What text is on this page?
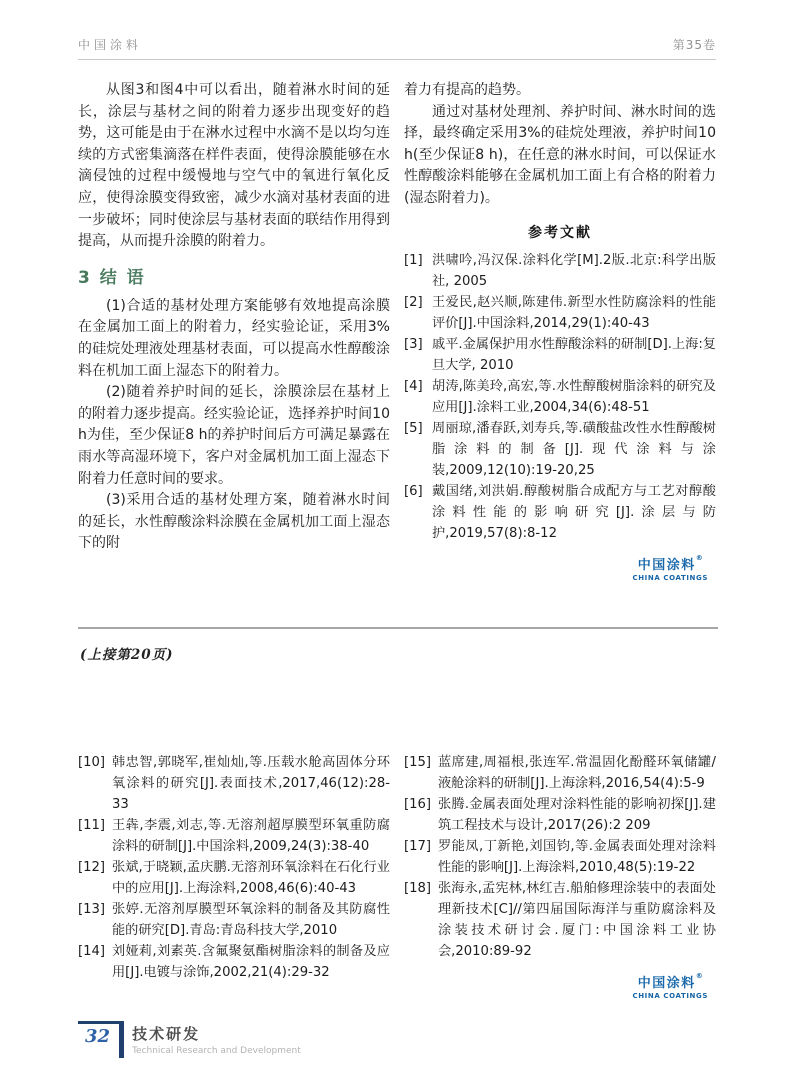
中国涂料	第35卷

从图3和图4中可以看出，随着淋水时间的延长，涂层与基材之间的附着力逐步出现变好的趋势，这可能是由于在淋水过程中水滴不是以均匀连续的方式密集滴落在样件表面，使得涂膜能够在水滴侵蚀的过程中缓慢地与空气中的氧进行氧化反应，使得涂膜变得致密，减少水滴对基材表面的进一步破坏；同时使涂层与基材表面的联结作用得到提高，从而提升涂膜的附着力。

3 结 语

(1)合适的基材处理方案能够有效地提高涂膜在金属加工面上的附着力，经实验论证，采用3%的硅烷处理液处理基材表面，可以提高水性醇酸涂料在机加工面上湿态下的附着力。

(2)随着养护时间的延长，涂膜涂层在基材上的附着力逐步提高。经实验论证，选择养护时间10 h为佳，至少保证8 h的养护时间后方可满足暴露在雨水等高湿环境下，客户对金属机加工面上湿态下附着力任意时间的要求。

(3)采用合适的基材处理方案，随着淋水时间的延长，水性醇酸涂料涂膜在金属机加工面上湿态下的附

着力有提高的趋势。

通过对基材处理剂、养护时间、淋水时间的选择，最终确定采用3%的硅烷处理液，养护时间10 h(至少保证8 h)，在任意的淋水时间，可以保证水性醇酸涂料能够在金属机加工面上有合格的附着力(湿态附着力)。

参考文献
[1] 洪啸吟,冯汉保.涂料化学[M].2版.北京:科学出版社, 2005
[2] 王爱民,赵兴顺,陈建伟.新型水性防腐涂料的性能评价[J].中国涂料,2014,29(1):40-43
[3] 戚平.金属保护用水性醇酸涂料的研制[D].上海:复旦大学, 2010
[4] 胡涛,陈美玲,高宏,等.水性醇酸树脂涂料的研究及应用[J].涂料工业,2004,34(6):48-51
[5] 周丽琼,潘春跃,刘寿兵,等.磺酸盐改性水性醇酸树脂涂料的制备[J].现代涂料与涂装,2009,12(10):19-20,25
[6] 戴国绪,刘洪娟.醇酸树脂合成配方与工艺对醇酸涂料性能的影响研究[J].涂层与防护,2019,57(8):8-12
中国涂料®
CHINA COATINGS
(上接第20页)
[10] 韩忠智,郭晓军,崔灿灿,等.压载水舱高固体分环氧涂料的研究[J].表面技术,2017,46(12):28-33
[11] 王犇,李震,刘志,等.无溶剂超厚膜型环氧重防腐涂料的研制[J].中国涂料,2009,24(3):38-40
[12] 张斌,于晓颖,孟庆鹏.无溶剂环氧涂料在石化行业中的应用[J].上海涂料,2008,46(6):40-43
[13] 张婷.无溶剂厚膜型环氧涂料的制备及其防腐性能的研究[D].青岛:青岛科技大学,2010
[14] 刘娅莉,刘素英.含氟聚氨酯树脂涂料的制备及应用[J].电镀与涂饰,2002,21(4):29-32
[15] 蓝席建,周福根,张连军.常温固化酚醛环氧储罐/液舱涂料的研制[J].上海涂料,2016,54(4):5-9
[16] 张腾.金属表面处理对涂料性能的影响初探[J].建筑工程技术与设计,2017(26):2 209
[17] 罗能凤,丁新艳,刘国钧,等.金属表面处理对涂料性能的影响[J].上海涂料,2010,48(5):19-22
[18] 张海永,孟宪林,林红吉.船舶修理涂装中的表面处理新技术[C]//第四届国际海洋与重防腐涂料及涂装技术研讨会.厦门:中国涂料工业协会,2010:89-92
中国涂料®
CHINA COATINGS
32	技术研发
Technical Research and Development
